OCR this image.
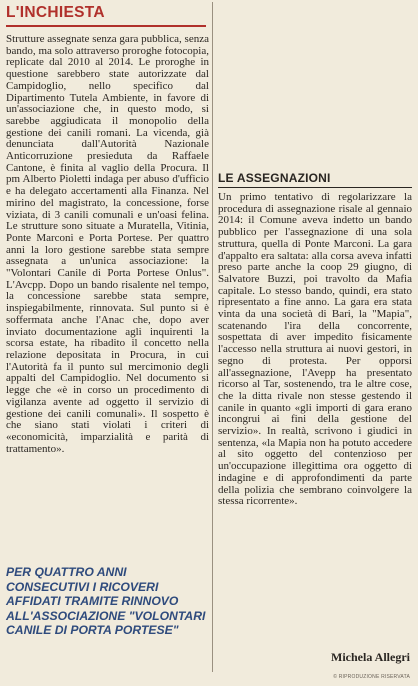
L'INCHIESTA

Strutture assegnate senza gara pubblica, senza bando, ma solo attraverso proroghe fotocopia, replicate dal 2010 al 2014. Le proroghe in questione sarebbero state autorizzate dal Campidoglio, nello specifico dal Dipartimento Tutela Ambiente, in favore di un'associazione che, in questo modo, si sarebbe aggiudicata il monopolio della gestione dei canili romani. La vicenda, già denunciata dall'Autorità Nazionale Anticorruzione presieduta da Raffaele Cantone, è finita al vaglio della Procura. Il pm Alberto Pioletti indaga per abuso d'ufficio e ha delegato accertamenti alla Finanza. Nel mirino del magistrato, la concessione, forse viziata, di 3 canili comunali e un'oasi felina. Le strutture sono situate a Muratella, Vitinia, Ponte Marconi e Porta Portese. Per quattro anni la loro gestione sarebbe stata sempre assegnata a un'unica associazione: la "Volontari Canile di Porta Portese Onlus". L'Avcpp. Dopo un bando risalente nel tempo, la concessione sarebbe stata sempre, inspiegabilmente, rinnovata. Sul punto si è soffermata anche l'Anac che, dopo aver inviato documentazione agli inquirenti la scorsa estate, ha ribadito il concetto nella relazione depositata in Procura, in cui l'Autorità fa il punto sul mercimonio degli appalti del Campidoglio. Nel documento si legge che «è in corso un procedimento di vigilanza avente ad oggetto il servizio di gestione dei canili comunali». Il sospetto è che siano stati violati i criteri di «economicità, imparzialità e parità di trattamento».

LE ASSEGNAZIONI

Un primo tentativo di regolarizzare la procedura di assegnazione risale al gennaio 2014: il Comune aveva indetto un bando pubblico per l'assegnazione di una sola struttura, quella di Ponte Marconi. La gara d'appalto era saltata: alla corsa aveva infatti preso parte anche la coop 29 giugno, di Salvatore Buzzi, poi travolto da Mafia capitale. Lo stesso bando, quindi, era stato ripresentato a fine anno. La gara era stata vinta da una società di Bari, la "Mapia", scatenando l'ira della concorrente, sospettata di aver impedito fisicamente l'accesso nella struttura ai nuovi gestori, in segno di protesta. Per opporsi all'assegnazione, l'Avepp ha presentato ricorso al Tar, sostenendo, tra le altre cose, che la ditta rivale non stesse gestendo il canile in quanto «gli importi di gara erano incongrui ai fini della gestione del servizio». In realtà, scrivono i giudici in sentenza, «la Mapia non ha potuto accedere al sito oggetto del contenzioso per un'occupazione illegittima ora oggetto di indagine e di approfondimenti da parte della polizia che sembrano coinvolgere la stessa ricorrente».

PER QUATTRO ANNI CONSECUTIVI I RICOVERI AFFIDATI TRAMITE RINNOVO ALL'ASSOCIAZIONE "VOLONTARI CANILE DI PORTA PORTESE"
Michela Allegri
© RIPRODUZIONE RISERVATA
